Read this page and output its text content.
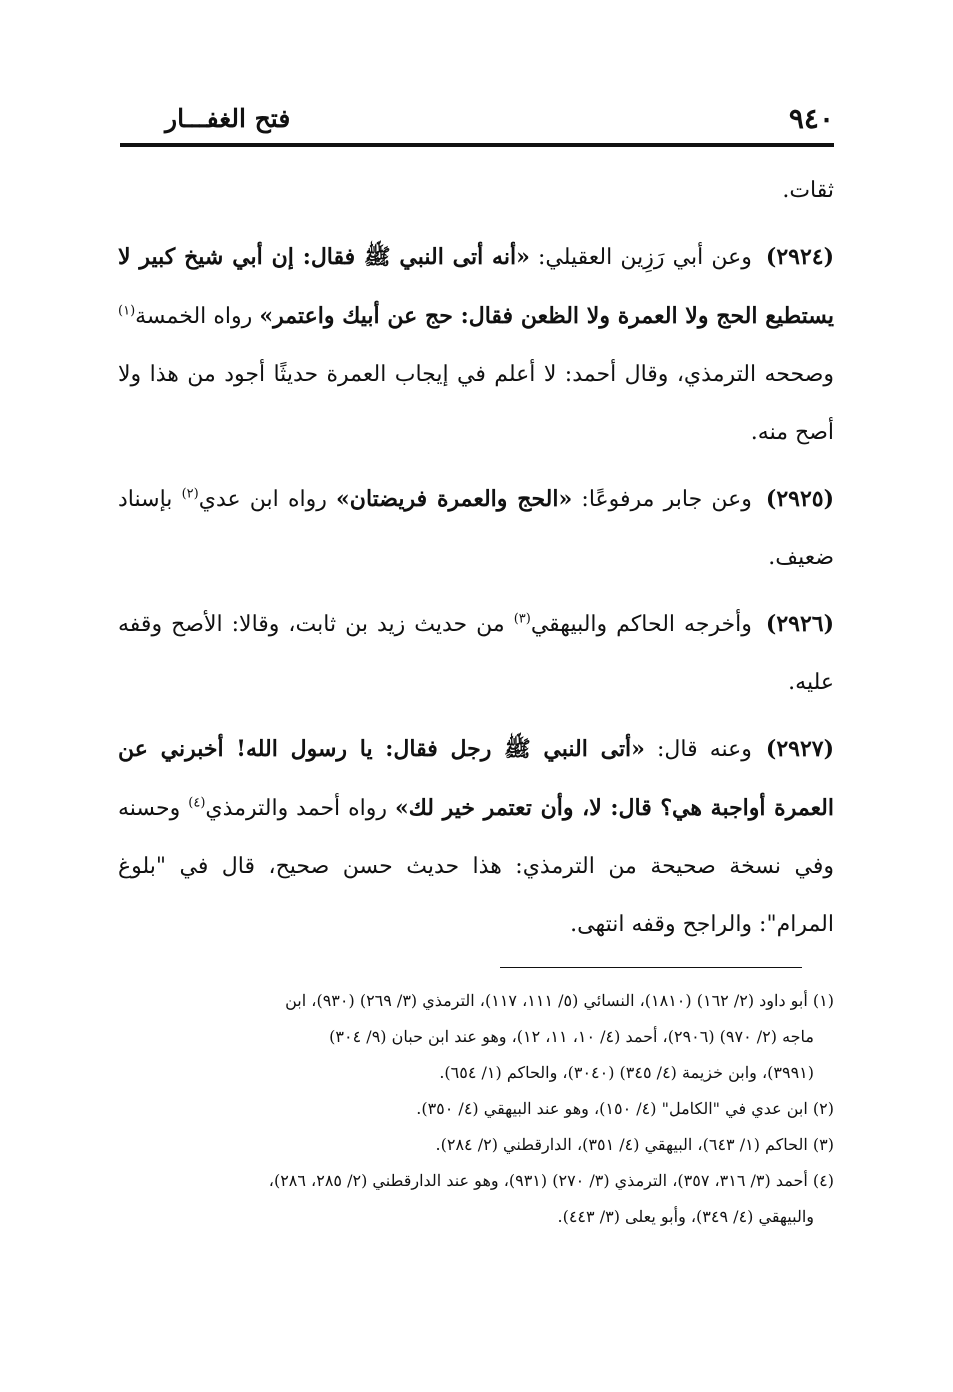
٩٤٠
فتح الغفـــار

ثقات.

(٢٩٢٤)وعن أبي رَزِين العقيلي: «أنه أتى النبي ﷺ فقال: إن أبي شيخ كبير لا يستطيع الحج ولا العمرة ولا الظعن فقال: حج عن أبيك واعتمر» رواه الخمسة$^{(١)}$ وصححه الترمذي، وقال أحمد: لا أعلم في إيجاب العمرة حديثًا أجود من هذا ولا أصح منه.

(٢٩٢٥)وعن جابر مرفوعًا: «الحج والعمرة فريضتان» رواه ابن عدي$^{(٢)}$ بإسناد ضعيف.

(٢٩٢٦)وأخرجه الحاكم والبيهقي$^{(٣)}$ من حديث زيد بن ثابت، وقالا: الأصح وقفه عليه.

(٢٩٢٧)وعنه قال: «أتى النبي ﷺ رجل فقال: يا رسول الله! أخبرني عن العمرة أواجبة هي؟ قال: لا، وأن تعتمر خير لك» رواه أحمد والترمذي$^{(٤)}$ وحسنه وفي نسخة صحيحة من الترمذي: هذا حديث حسن صحيح، قال في "بلوغ المرام": والراجح وقفه انتهى.

(١) أبو داود (٢/ ١٦٢) (١٨١٠)، النسائي (٥/ ١١١، ١١٧)، الترمذي (٣/ ٢٦٩) (٩٣٠)، ابن

ماجه (٢/ ٩٧٠) (٢٩٠٦)، أحمد (٤/ ١٠، ١١، ١٢)، وهو عند ابن حبان (٩/ ٣٠٤)

(٣٩٩١)، وابن خزيمة (٤/ ٣٤٥) (٣٠٤٠)، والحاكم (١/ ٦٥٤).

(٢) ابن عدي في "الكامل" (٤/ ١٥٠)، وهو عند البيهقي (٤/ ٣٥٠).

(٣) الحاكم (١/ ٦٤٣)، البيهقي (٤/ ٣٥١)، الدارقطني (٢/ ٢٨٤).

(٤) أحمد (٣/ ٣١٦، ٣٥٧)، الترمذي (٣/ ٢٧٠) (٩٣١)، وهو عند الدارقطني (٢/ ٢٨٥، ٢٨٦)،

والبيهقي (٤/ ٣٤٩)، وأبو يعلى (٣/ ٤٤٣).
